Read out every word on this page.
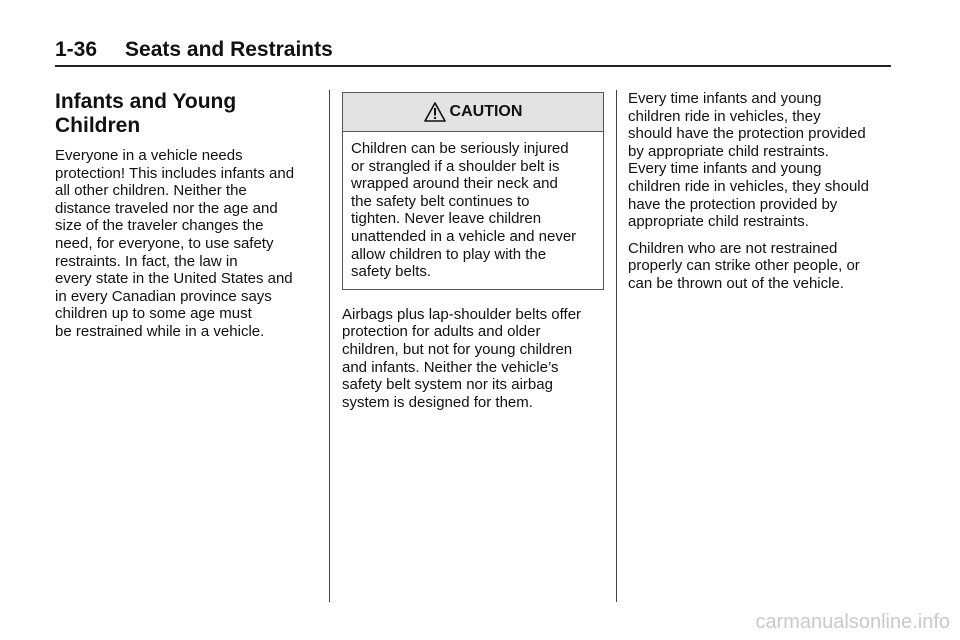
1-36 Seats and Restraints
Infants and Young
Children

Everyone in a vehicle needs
protection! This includes infants and
all other children. Neither the
distance traveled nor the age and
size of the traveler changes the
need, for everyone, to use safety
restraints. In fact, the law in
every state in the United States and
in every Canadian province says
children up to some age must
be restrained while in a vehicle.

CAUTION

Children can be seriously injured
or strangled if a shoulder belt is
wrapped around their neck and
the safety belt continues to
tighten. Never leave children
unattended in a vehicle and never
allow children to play with the
safety belts.

Airbags plus lap-shoulder belts offer
protection for adults and older
children, but not for young children
and infants. Neither the vehicle’s
safety belt system nor its airbag
system is designed for them.

Every time infants and young
children ride in vehicles, they
should have the protection provided
by appropriate child restraints.
Every time infants and young
children ride in vehicles, they should
have the protection provided by
appropriate child restraints.

Children who are not restrained
properly can strike other people, or
can be thrown out of the vehicle.

carmanualsonline.info
